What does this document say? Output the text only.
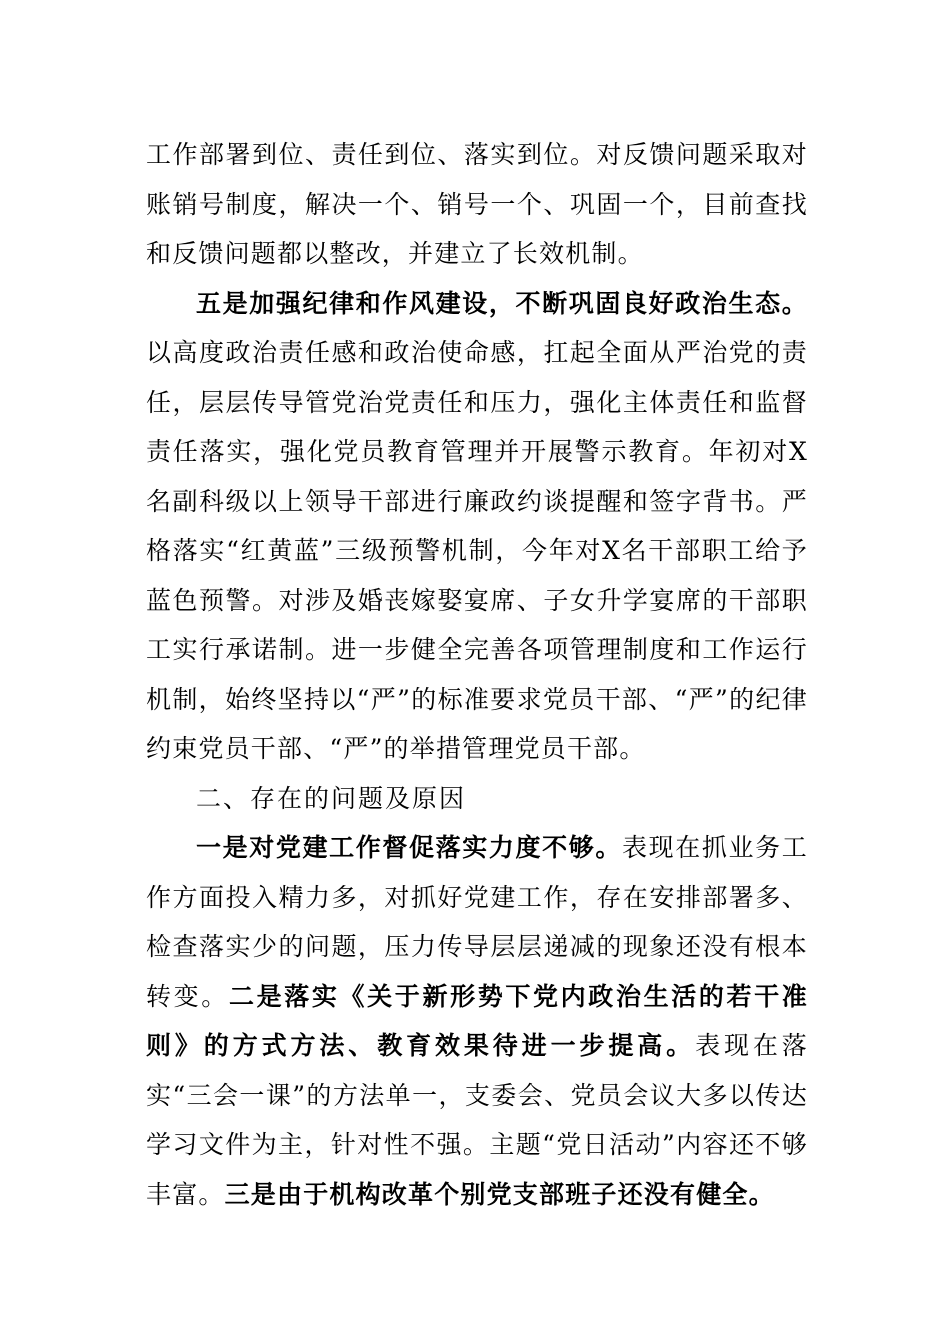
工作部署到位、责任到位、落实到位。对反馈问题采取对账销号制度，解决一个、销号一个、巩固一个，目前查找和反馈问题都以整改，并建立了长效机制。

五是加强纪律和作风建设，不断巩固良好政治生态。以高度政治责任感和政治使命感，扛起全面从严治党的责任，层层传导管党治党责任和压力，强化主体责任和监督责任落实，强化党员教育管理并开展警示教育。年初对X名副科级以上领导干部进行廉政约谈提醒和签字背书。严格落实“红黄蓝”三级预警机制，今年对X名干部职工给予蓝色预警。对涉及婚丧嫁娶宴席、子女升学宴席的干部职工实行承诺制。进一步健全完善各项管理制度和工作运行机制，始终坚持以“严”的标准要求党员干部、“严”的纪律约束党员干部、“严”的举措管理党员干部。

二、存在的问题及原因

一是对党建工作督促落实力度不够。表现在抓业务工作方面投入精力多，对抓好党建工作，存在安排部署多、检查落实少的问题，压力传导层层递减的现象还没有根本转变。二是落实《关于新形势下党内政治生活的若干准则》的方式方法、教育效果待进一步提高。表现在落实“三会一课”的方法单一，支委会、党员会议大多以传达学习文件为主，针对性不强。主题“党日活动”内容还不够丰富。三是由于机构改革个别党支部班子还没有健全。
